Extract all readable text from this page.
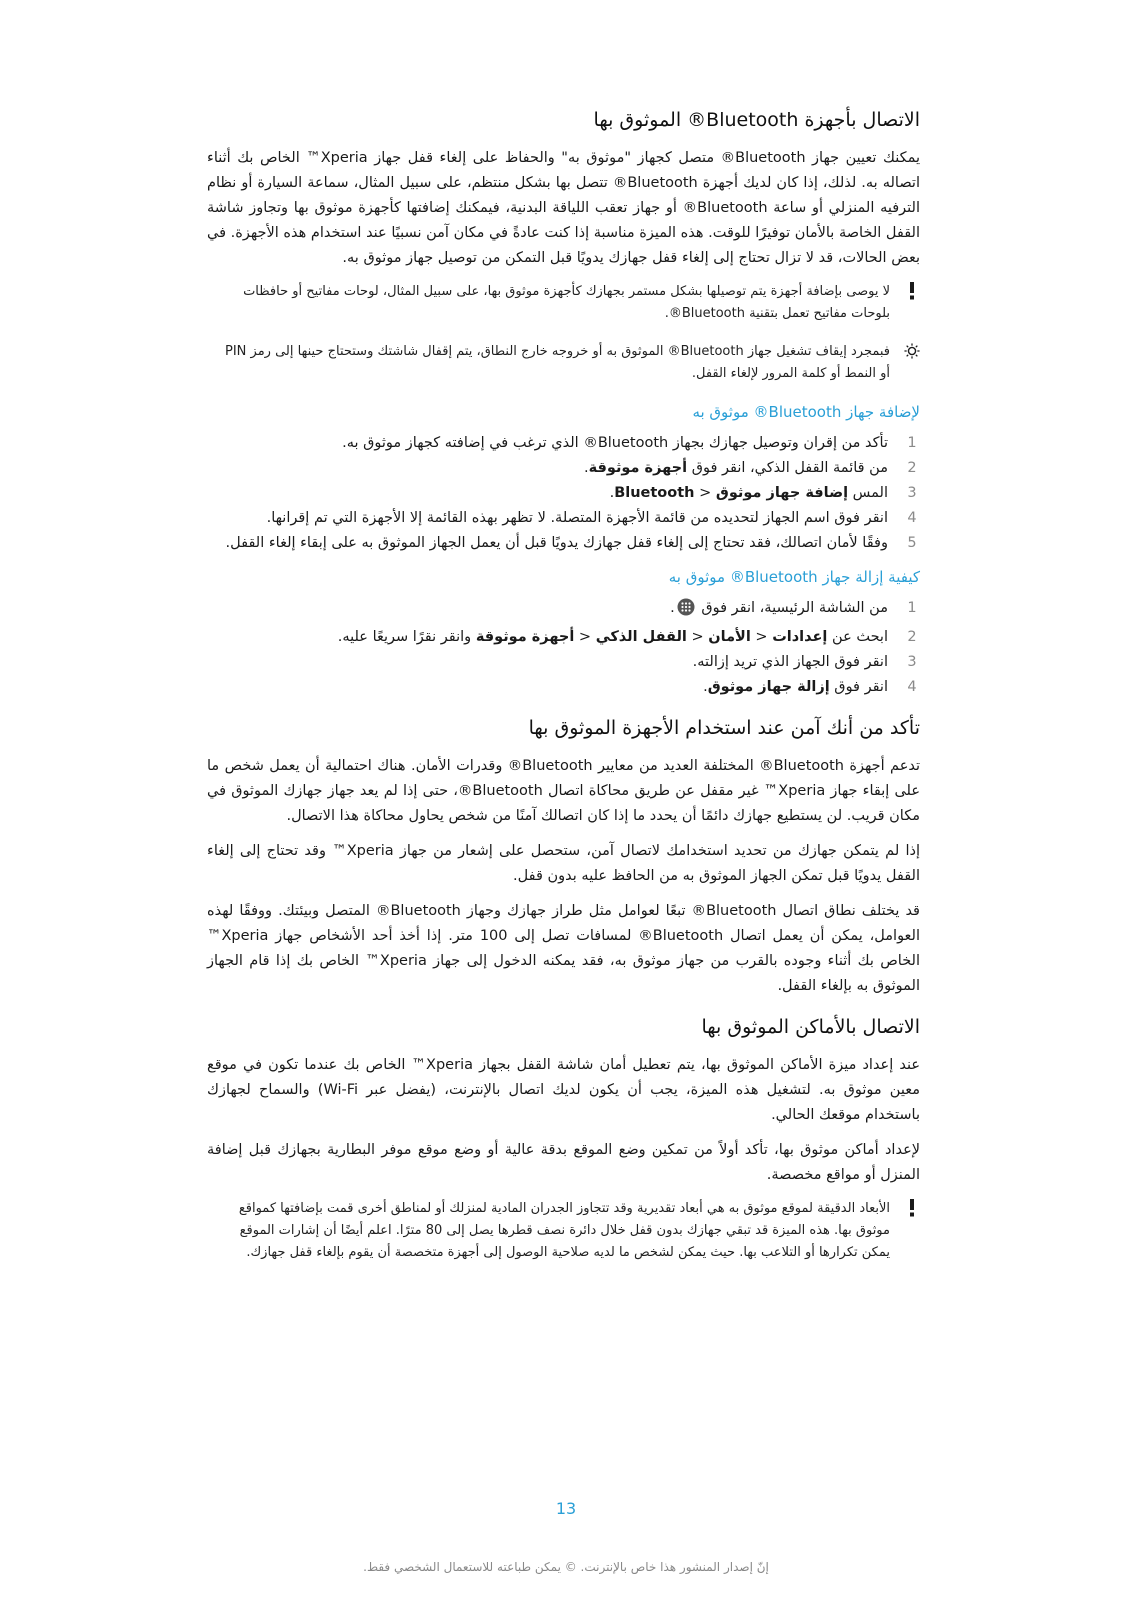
الاتصال بأجهزة Bluetooth® الموثوق بها

يمكنك تعيين جهاز Bluetooth® متصل كجهاز "موثوق به" والحفاظ على إلغاء قفل جهاز Xperia™ الخاص بك أثناء اتصاله به. لذلك، إذا كان لديك أجهزة Bluetooth® تتصل بها بشكل منتظم، على سبيل المثال، سماعة السيارة أو نظام الترفيه المنزلي أو ساعة Bluetooth® أو جهاز تعقب اللياقة البدنية، فيمكنك إضافتها كأجهزة موثوق بها وتجاوز شاشة القفل الخاصة بالأمان توفيرًا للوقت. هذه الميزة مناسبة إذا كنت عادةً في مكان آمن نسبيًا عند استخدام هذه الأجهزة. في بعض الحالات، قد لا تزال تحتاج إلى إلغاء قفل جهازك يدويًا قبل التمكن من توصيل جهاز موثوق به.

لا يوصى بإضافة أجهزة يتم توصيلها بشكل مستمر بجهازك كأجهزة موثوق بها، على سبيل المثال، لوحات مفاتيح أو حافظات بلوحات مفاتيح تعمل بتقنية Bluetooth®.
فبمجرد إيقاف تشغيل جهاز Bluetooth® الموثوق به أو خروجه خارج النطاق، يتم إقفال شاشتك وستحتاج حينها إلى رمز PIN أو النمط أو كلمة المرور لإلغاء القفل.
لإضافة جهاز Bluetooth® موثوق به
1
تأكد من إقران وتوصيل جهازك بجهاز Bluetooth® الذي ترغب في إضافته كجهاز موثوق به.
2
من قائمة القفل الذكي، انقر فوق أجهزة موثوقة.
3
المس إضافة جهاز موثوق < Bluetooth.
4
انقر فوق اسم الجهاز لتحديده من قائمة الأجهزة المتصلة. لا تظهر بهذه القائمة إلا الأجهزة التي تم إقرانها.
5
وفقًا لأمان اتصالك، فقد تحتاج إلى إلغاء قفل جهازك يدويًا قبل أن يعمل الجهاز الموثوق به على إبقاء إلغاء القفل.
كيفية إزالة جهاز Bluetooth® موثوق به
1
من الشاشة الرئيسية، انقر فوق .
2
ابحث عن إعدادات < الأمان < القفل الذكي < أجهزة موثوقة وانقر نقرًا سريعًا عليه.
3
انقر فوق الجهاز الذي تريد إزالته.
4
انقر فوق إزالة جهاز موثوق.
تأكد من أنك آمن عند استخدام الأجهزة الموثوق بها

تدعم أجهزة Bluetooth® المختلفة العديد من معايير Bluetooth® وقدرات الأمان. هناك احتمالية أن يعمل شخص ما على إبقاء جهاز Xperia™ غير مقفل عن طريق محاكاة اتصال Bluetooth®، حتى إذا لم يعد جهاز جهازك الموثوق في مكان قريب. لن يستطيع جهازك دائمًا أن يحدد ما إذا كان اتصالك آمنًا من شخص يحاول محاكاة هذا الاتصال.

إذا لم يتمكن جهازك من تحديد استخدامك لاتصال آمن، ستحصل على إشعار من جهاز Xperia™ وقد تحتاج إلى إلغاء القفل يدويًا قبل تمكن الجهاز الموثوق به من الحافظ عليه بدون قفل.

قد يختلف نطاق اتصال Bluetooth® تبعًا لعوامل مثل طراز جهازك وجهاز Bluetooth® المتصل وبيئتك. ووفقًا لهذه العوامل، يمكن أن يعمل اتصال Bluetooth® لمسافات تصل إلى 100 متر. إذا أخذ أحد الأشخاص جهاز Xperia™ الخاص بك أثناء وجوده بالقرب من جهاز موثوق به، فقد يمكنه الدخول إلى جهاز Xperia™ الخاص بك إذا قام الجهاز الموثوق به بإلغاء القفل.

الاتصال بالأماكن الموثوق بها

عند إعداد ميزة الأماكن الموثوق بها، يتم تعطيل أمان شاشة القفل بجهاز Xperia™ الخاص بك عندما تكون في موقع معين موثوق به. لتشغيل هذه الميزة، يجب أن يكون لديك اتصال بالإنترنت، (يفضل عبر Wi-Fi) والسماح لجهازك باستخدام موقعك الحالي.

لإعداد أماكن موثوق بها، تأكد أولاً من تمكين وضع الموقع بدقة عالية أو وضع موقع موفر البطارية بجهازك قبل إضافة المنزل أو مواقع مخصصة.

الأبعاد الدقيقة لموقع موثوق به هي أبعاد تقديرية وقد تتجاوز الجدران المادية لمنزلك أو لمناطق أخرى قمت بإضافتها كمواقع موثوق بها. هذه الميزة قد تبقي جهازك بدون قفل خلال دائرة نصف قطرها يصل إلى 80 مترًا. اعلم أيضًا أن إشارات الموقع يمكن تكرارها أو التلاعب بها. حيث يمكن لشخص ما لديه صلاحية الوصول إلى أجهزة متخصصة أن يقوم بإلغاء قفل جهازك.
13
إنّ إصدار المنشور هذا خاص بالإنترنت. © يمكن طباعته للاستعمال الشخصي فقط.
